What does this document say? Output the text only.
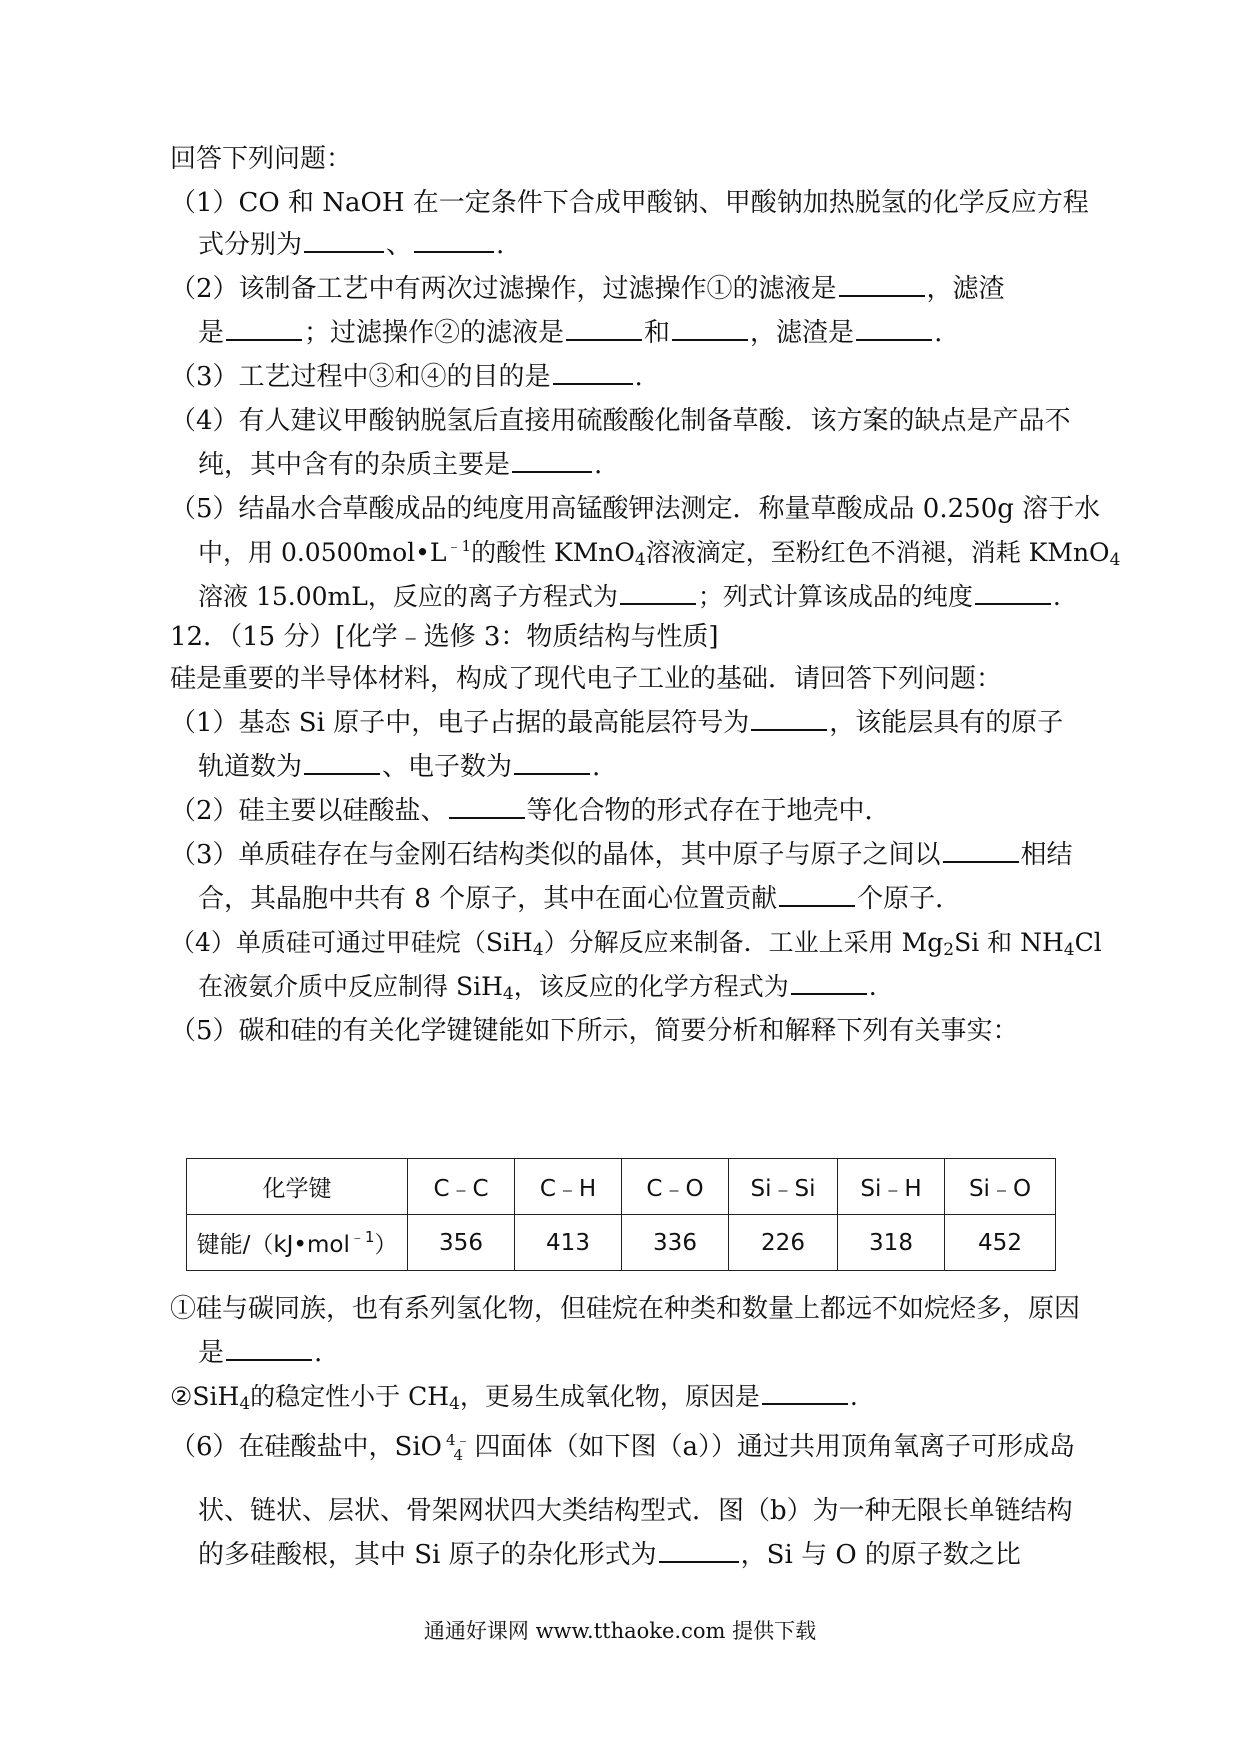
回答下列问题：
（1）CO 和 NaOH 在一定条件下合成甲酸钠、甲酸钠加热脱氢的化学反应方程
式分别为	、	.
（2）该制备工艺中有两次过滤操作，过滤操作①的滤液是	，滤渣
是	；过滤操作②的滤液是	和	，滤渣是	.
（3）工艺过程中③和④的目的是	.
（4）有人建议甲酸钠脱氢后直接用硫酸酸化制备草酸．该方案的缺点是产品不
纯，其中含有的杂质主要是	.
（5）结晶水合草酸成品的纯度用高锰酸钾法测定．称量草酸成品 0.250g 溶于水
中，用 $0.0500mol•L^{﹣1}$的酸性 KMnO$_4$溶液滴定，至粉红色不消褪，消耗 KMnO$_4$
溶液 15.00mL，反应的离子方程式为	；列式计算该成品的纯度	.
12．（15 分）[化学﹣选修 3：物质结构与性质]
硅是重要的半导体材料，构成了现代电子工业的基础．请回答下列问题：
（1）基态 Si 原子中，电子占据的最高能层符号为	，该能层具有的原子
轨道数为	、电子数为	.
（2）硅主要以硅酸盐、	等化合物的形式存在于地壳中．
（3）单质硅存在与金刚石结构类似的晶体，其中原子与原子之间以	相结
合，其晶胞中共有 8 个原子，其中在面心位置贡献	个原子．
（4）单质硅可通过甲硅烷（SiH$_4$）分解反应来制备．工业上采用 $Mg_2Si$ 和 $NH_4Cl$
在液氨介质中反应制得 SiH$_4$，该反应的化学方程式为	.
（5）碳和硅的有关化学键键能如下所示，简要分析和解释下列有关事实：
化学键	C﹣C	C﹣H	C﹣O	Si﹣Si	Si﹣H	Si﹣O
键能/（kJ•mol$^{﹣1}$）	356	413	336	226	318	452
①硅与碳同族，也有系列氢化物，但硅烷在种类和数量上都远不如烷烃多，原因
是	.
②SiH$_4$的稳定性小于 $CH_4$，更易生成氧化物，原因是	.
（6）在硅酸盐中，SiO 4﹣
4 四面体（如下图（a））通过共用顶角氧离子可形成岛
状、链状、层状、骨架网状四大类结构型式．图（b）为一种无限长单链结构
的多硅酸根，其中 Si 原子的杂化形式为	，Si 与 O 的原子数之比
通通好课网 www.tthaoke.com 提供下载
